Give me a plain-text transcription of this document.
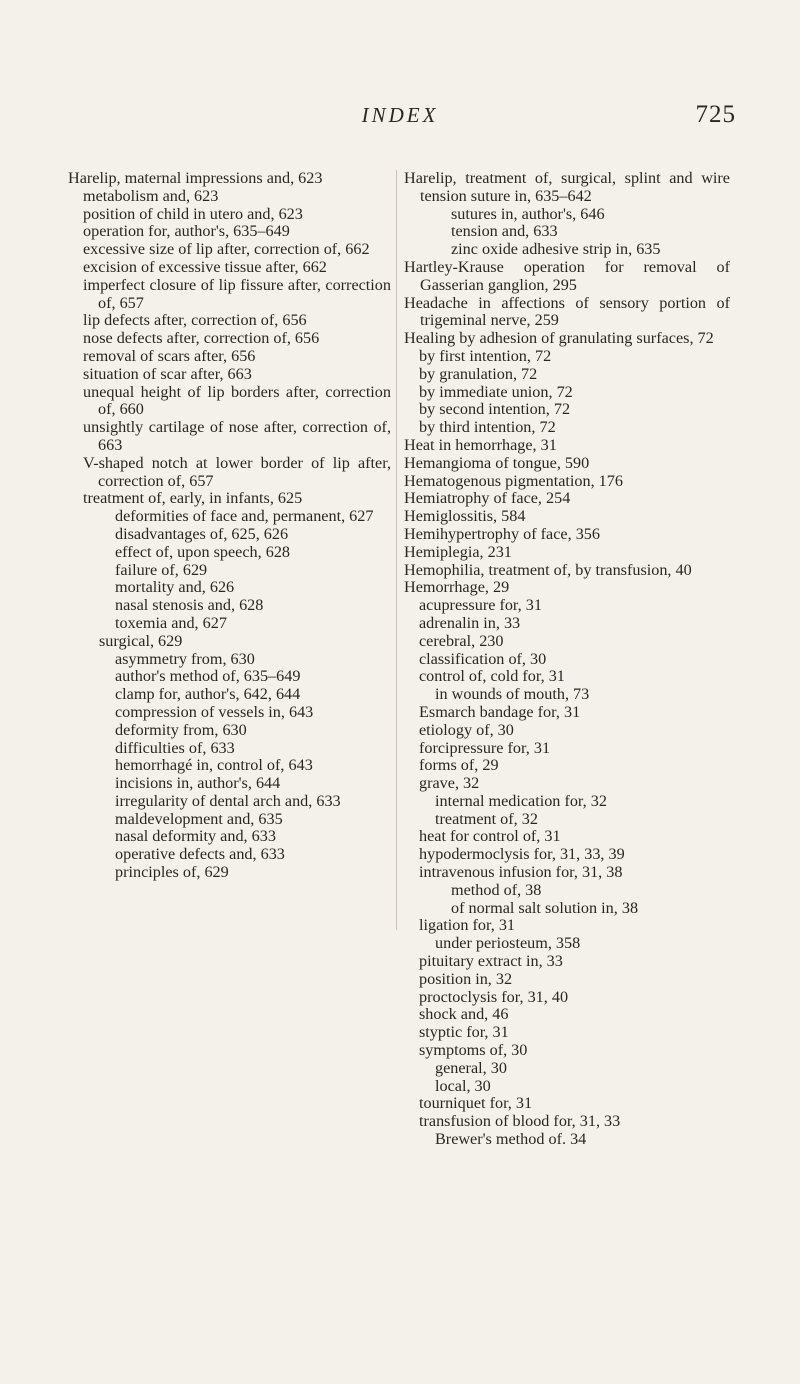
INDEX	725

Harelip, maternal impressions and, 623

metabolism and, 623

position of child in utero and, 623

operation for, author's, 635–649

excessive size of lip after, correction of, 662

excision of excessive tissue after, 662

imperfect closure of lip fissure after, correction of, 657

lip defects after, correction of, 656

nose defects after, correction of, 656

removal of scars after, 656

situation of scar after, 663

unequal height of lip borders after, correction of, 660

unsightly cartilage of nose after, correction of, 663

V-shaped notch at lower border of lip after, correction of, 657

treatment of, early, in infants, 625

deformities of face and, permanent, 627

disadvantages of, 625, 626

effect of, upon speech, 628

failure of, 629

mortality and, 626

nasal stenosis and, 628

toxemia and, 627

surgical, 629

asymmetry from, 630

author's method of, 635–649

clamp for, author's, 642, 644

compression of vessels in, 643

deformity from, 630

difficulties of, 633

hemorrhagé in, control of, 643

incisions in, author's, 644

irregularity of dental arch and, 633

maldevelopment and, 635

nasal deformity and, 633

operative defects and, 633

principles of, 629

Harelip, treatment of, surgical, splint and wire tension suture in, 635–642

sutures in, author's, 646

tension and, 633

zinc oxide adhesive strip in, 635

Hartley-Krause operation for removal of Gasserian ganglion, 295

Headache in affections of sensory portion of trigeminal nerve, 259

Healing by adhesion of granulating surfaces, 72

by first intention, 72

by granulation, 72

by immediate union, 72

by second intention, 72

by third intention, 72

Heat in hemorrhage, 31

Hemangioma of tongue, 590

Hematogenous pigmentation, 176

Hemiatrophy of face, 254

Hemiglossitis, 584

Hemihypertrophy of face, 356

Hemiplegia, 231

Hemophilia, treatment of, by transfusion, 40

Hemorrhage, 29

acupressure for, 31

adrenalin in, 33

cerebral, 230

classification of, 30

control of, cold for, 31

in wounds of mouth, 73

Esmarch bandage for, 31

etiology of, 30

forcipressure for, 31

forms of, 29

grave, 32

internal medication for, 32

treatment of, 32

heat for control of, 31

hypodermoclysis for, 31, 33, 39

intravenous infusion for, 31, 38

method of, 38

of normal salt solution in, 38

ligation for, 31

under periosteum, 358

pituitary extract in, 33

position in, 32

proctoclysis for, 31, 40

shock and, 46

styptic for, 31

symptoms of, 30

general, 30

local, 30

tourniquet for, 31

transfusion of blood for, 31, 33

Brewer's method of. 34
